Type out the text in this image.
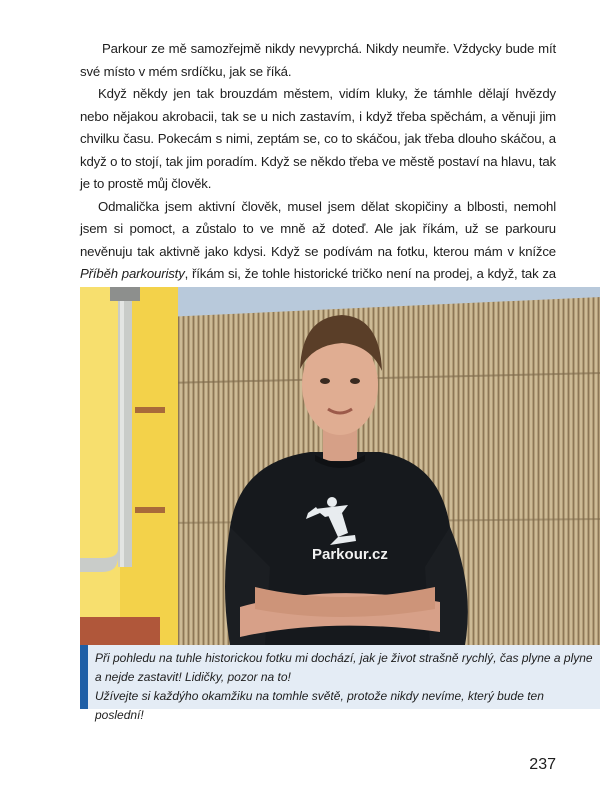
Parkour ze mě samozřejmě nikdy nevyprchá. Nikdy neumře. Vždycky bude mít své místo v mém srdíčku, jak se říká.

Když někdy jen tak brouzdám městem, vidím kluky, že támhle dělají hvězdy nebo nějakou akrobacii, tak se u nich zastavím, i když třeba spěchám, a věnuji jim chvilku času. Pokecám s nimi, zeptám se, co to skáčou, jak třeba dlouho skáčou, a když o to stojí, tak jim poradím. Když se někdo třeba ve městě postaví na hlavu, tak je to prostě můj člověk.

Odmalička jsem aktivní člověk, musel jsem dělat skopičiny a blbosti, nemohl jsem si pomoct, a zůstalo to ve mně až doteď. Ale jak říkám, už se parkouru nevěnuju tak aktivně jako kdysi. Když se podívám na fotku, kterou mám v knížce Příběh parkouristy, říkám si, že tohle historické tričko není na prodej, a když, tak za

Parkour.cz
Při pohledu na tuhle historickou fotku mi dochází, jak je život strašně rychlý, čas plyne a plyne a nejde zastavit! Lidičky, pozor na to!
Užívejte si každýho okamžiku na tomhle světě, protože nikdy nevíme, který bude ten poslední!
237
